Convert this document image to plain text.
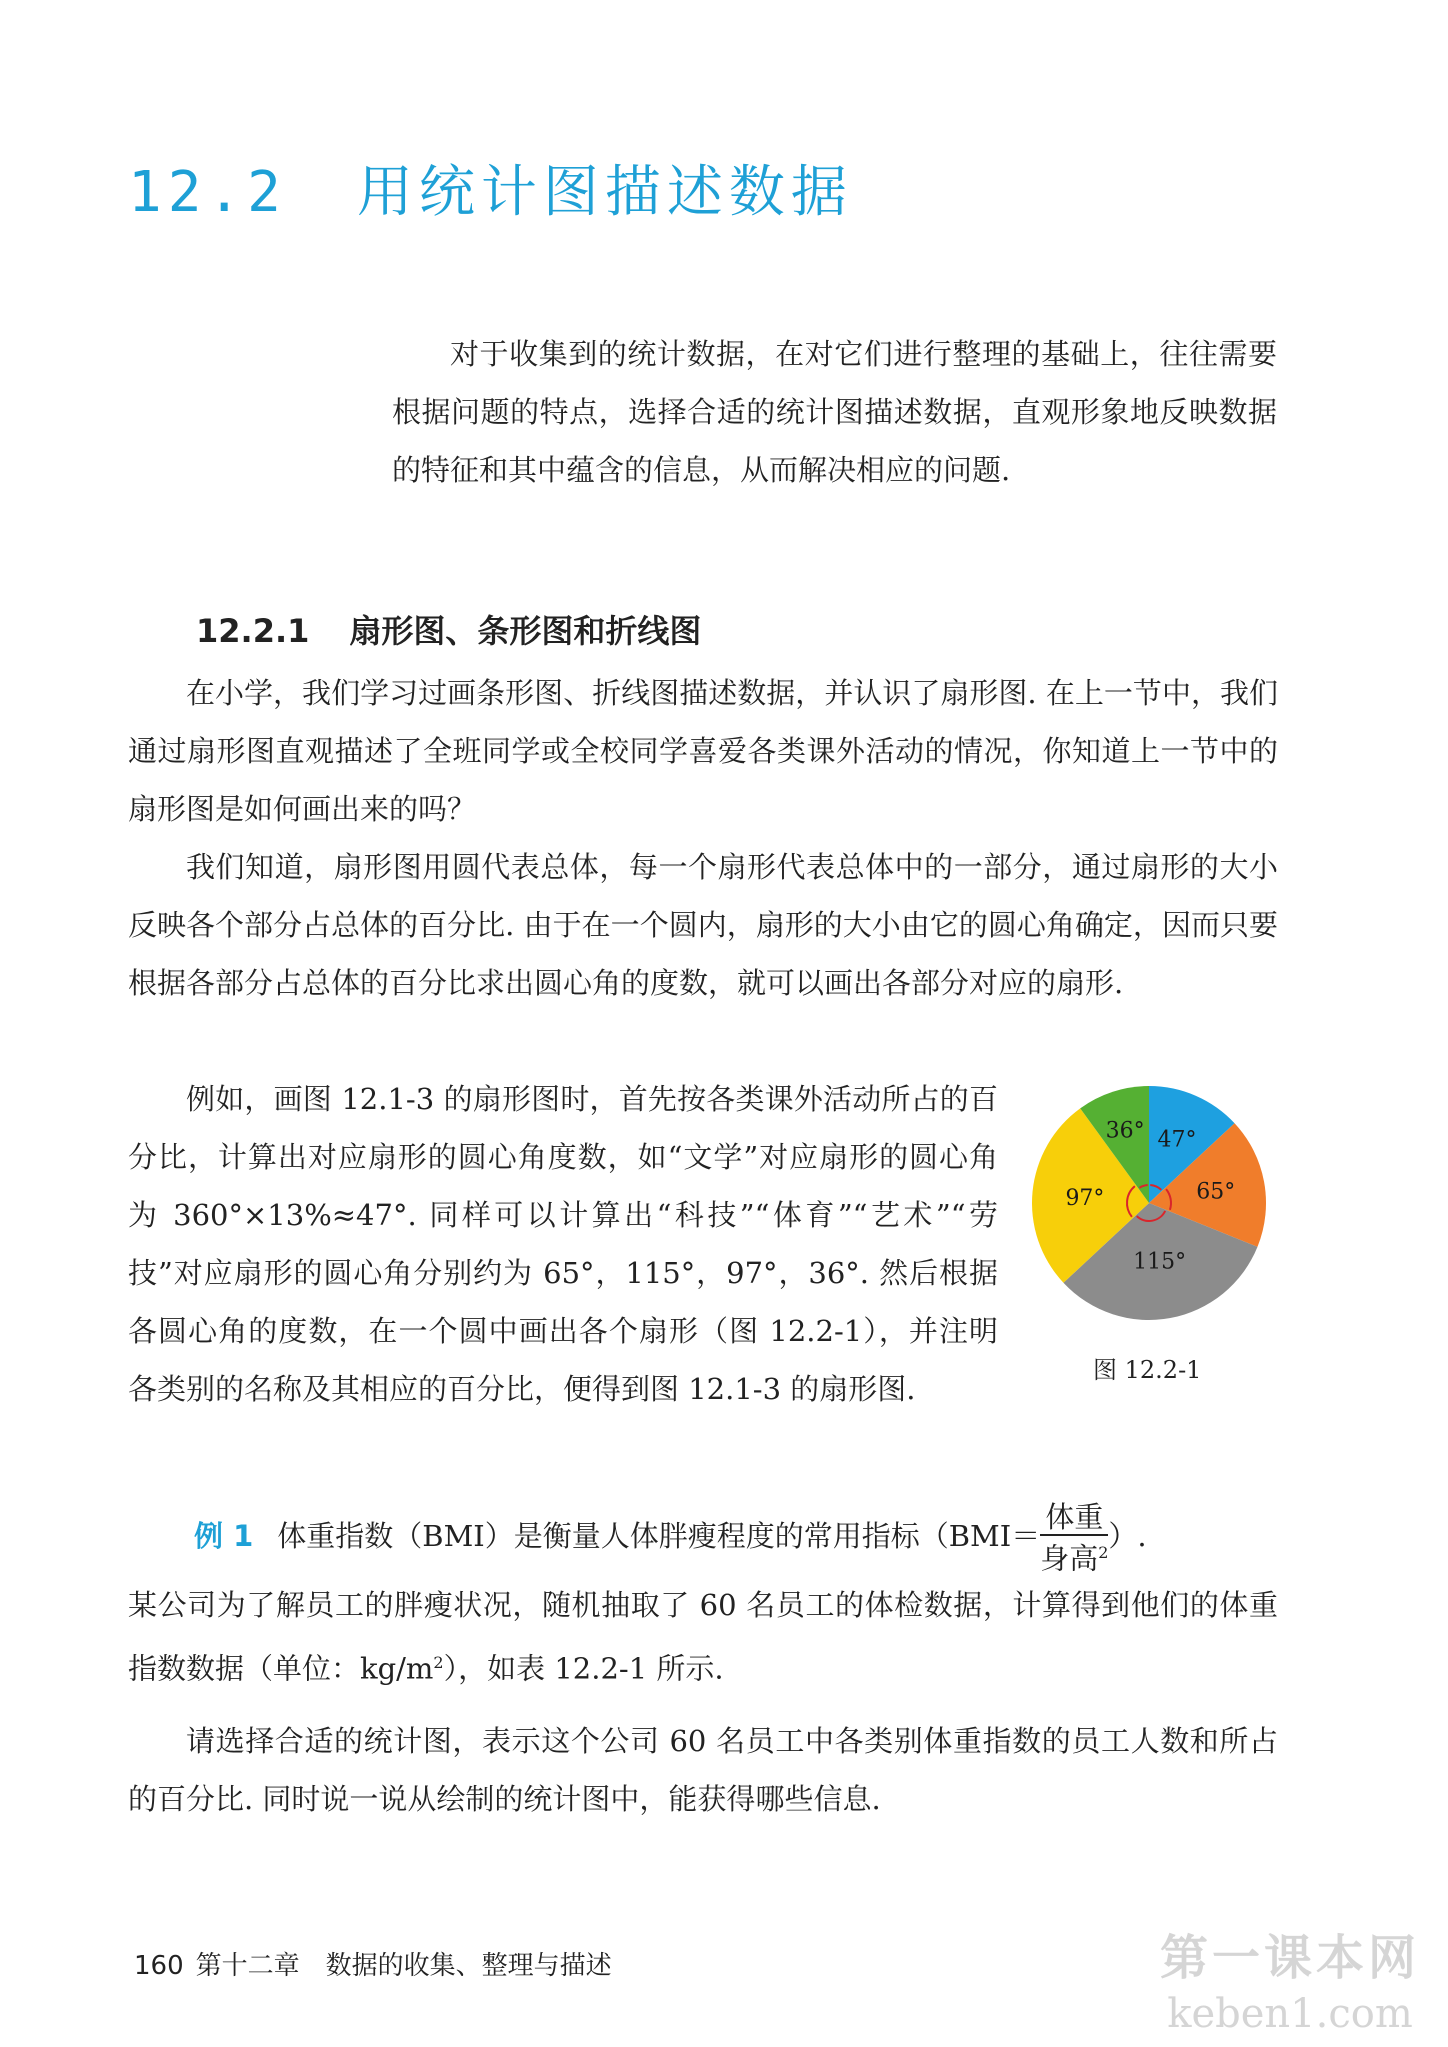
12.2 用统计图描述数据

对于收集到的统计数据，在对它们进行整理的基础上，往往需要根据问题的特点，选择合适的统计图描述数据，直观形象地反映数据的特征和其中蕴含的信息，从而解决相应的问题.

12.2.1 扇形图、条形图和折线图

在小学，我们学习过画条形图、折线图描述数据，并认识了扇形图. 在上一节中，我们通过扇形图直观描述了全班同学或全校同学喜爱各类课外活动的情况，你知道上一节中的扇形图是如何画出来的吗？

我们知道，扇形图用圆代表总体，每一个扇形代表总体中的一部分，通过扇形的大小反映各个部分占总体的百分比. 由于在一个圆内，扇形的大小由它的圆心角确定，因而只要根据各部分占总体的百分比求出圆心角的度数，就可以画出各部分对应的扇形.

例如，画图 12.1-3 的扇形图时，首先按各类课外活动所占的百分比，计算出对应扇形的圆心角度数，如“文学”对应扇形的圆心角为 360°×13%≈47°. 同样可以计算出“科技”“体育”“艺术”“劳技”对应扇形的圆心角分别约为 65°，115°，97°，36°. 然后根据各圆心角的度数，在一个圆中画出各个扇形（图 12.2-1），并注明各类别的名称及其相应的百分比，便得到图 12.1-3 的扇形图.

47°
65°
115°
97°
36°
图 12.2-1
例 1 体重指数（BMI）是衡量人体胖瘦程度的常用指标（$BMI= \frac{\text{体重}}{身高^2}$ ）.
某公司为了解员工的胖瘦状况，随机抽取了 60 名员工的体检数据，计算得到他们的体重指数数据（单位：$kg/m^2$），如表 12.2-1 所示.

请选择合适的统计图，表示这个公司 60 名员工中各类别体重指数的员工人数和所占的百分比. 同时说一说从绘制的统计图中，能获得哪些信息.

160 第十二章　数据的收集、整理与描述	第一课本网
keben1.com
